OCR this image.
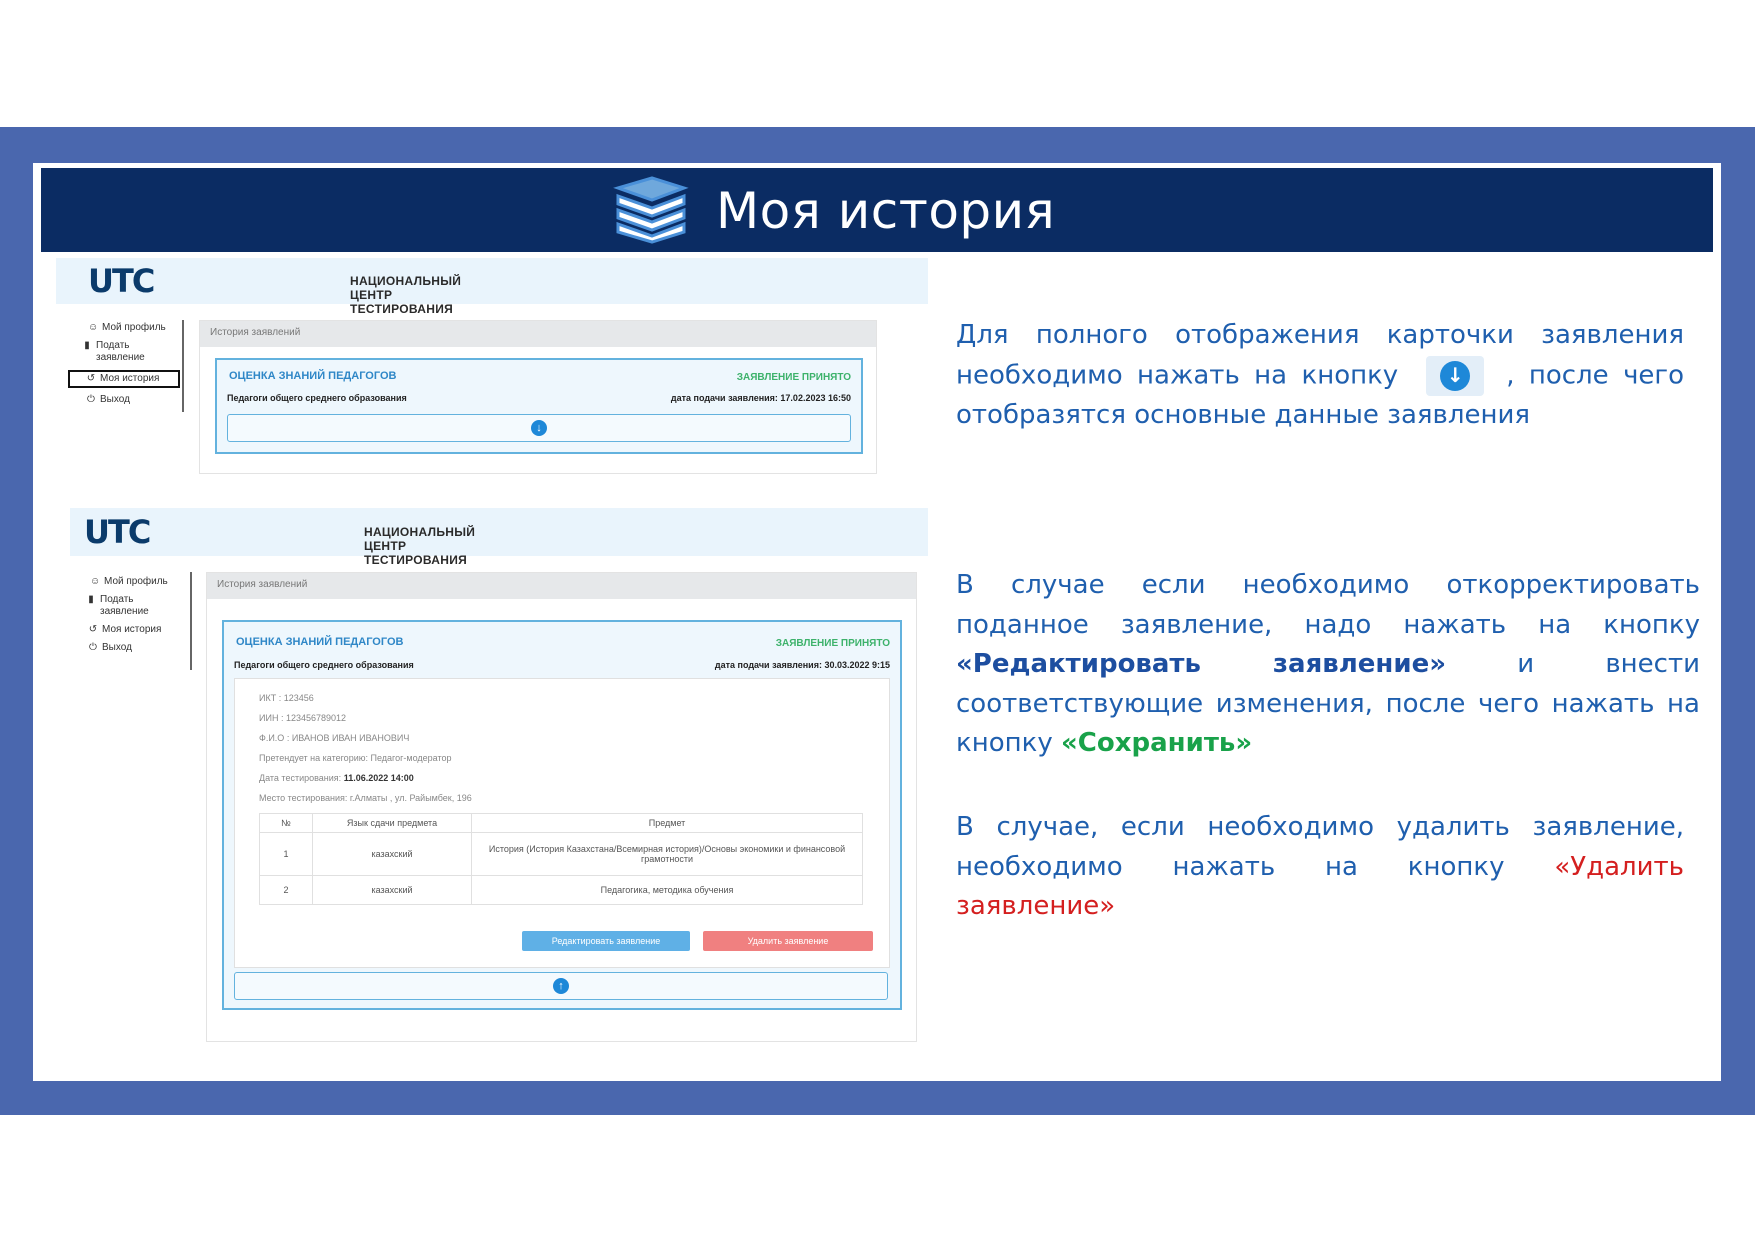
Моя история
UTC	НАЦИОНАЛЬНЫЙ ЦЕНТР ТЕСТИРОВАНИЯ
☺ Мой профиль
▮ Подать
заявление
↺ Моя история
⏻ Выход
История заявлений
ОЦЕНКА ЗНАНИЙ ПЕДАГОГОВ	ЗАЯВЛЕНИЕ ПРИНЯТО
Педагоги общего среднего образования	дата подачи заявления: 17.02.2023 16:50
↓
UTC	НАЦИОНАЛЬНЫЙ ЦЕНТР ТЕСТИРОВАНИЯ
☺ Мой профиль
▮ Подать
заявление
↺ Моя история
⏻ Выход
История заявлений
ОЦЕНКА ЗНАНИЙ ПЕДАГОГОВ	ЗАЯВЛЕНИЕ ПРИНЯТО
Педагоги общего среднего образования	дата подачи заявления: 30.03.2022 9:15
ИКТ : 123456
ИИН : 123456789012
Ф.И.О : ИВАНОВ ИВАН ИВАНОВИЧ
Претендует на категорию: Педагог-модератор
Дата тестирования: 11.06.2022 14:00
Место тестирования: г.Алматы , ул. Райымбек, 196
№	Язык сдачи предмета	Предмет
1	казахский	История (История Казахстана/Всемирная история)/Основы экономики и финансовой грамотности
2	казахский	Педагогика, методика обучения
Редактировать заявление	Удалить заявление
↑
Для полного отображения карточки заявления необходимо нажать на кнопку	↓ , после чего отобразятся основные данные заявления
В случае если необходимо откорректировать поданное заявление, надо нажать на кнопку «Редактировать заявление»	и внести соответствующие изменения, после чего нажать на кнопку «Сохранить»
В случае, если необходимо удалить заявление, необходимо нажать на кнопку «Удалить заявление»
